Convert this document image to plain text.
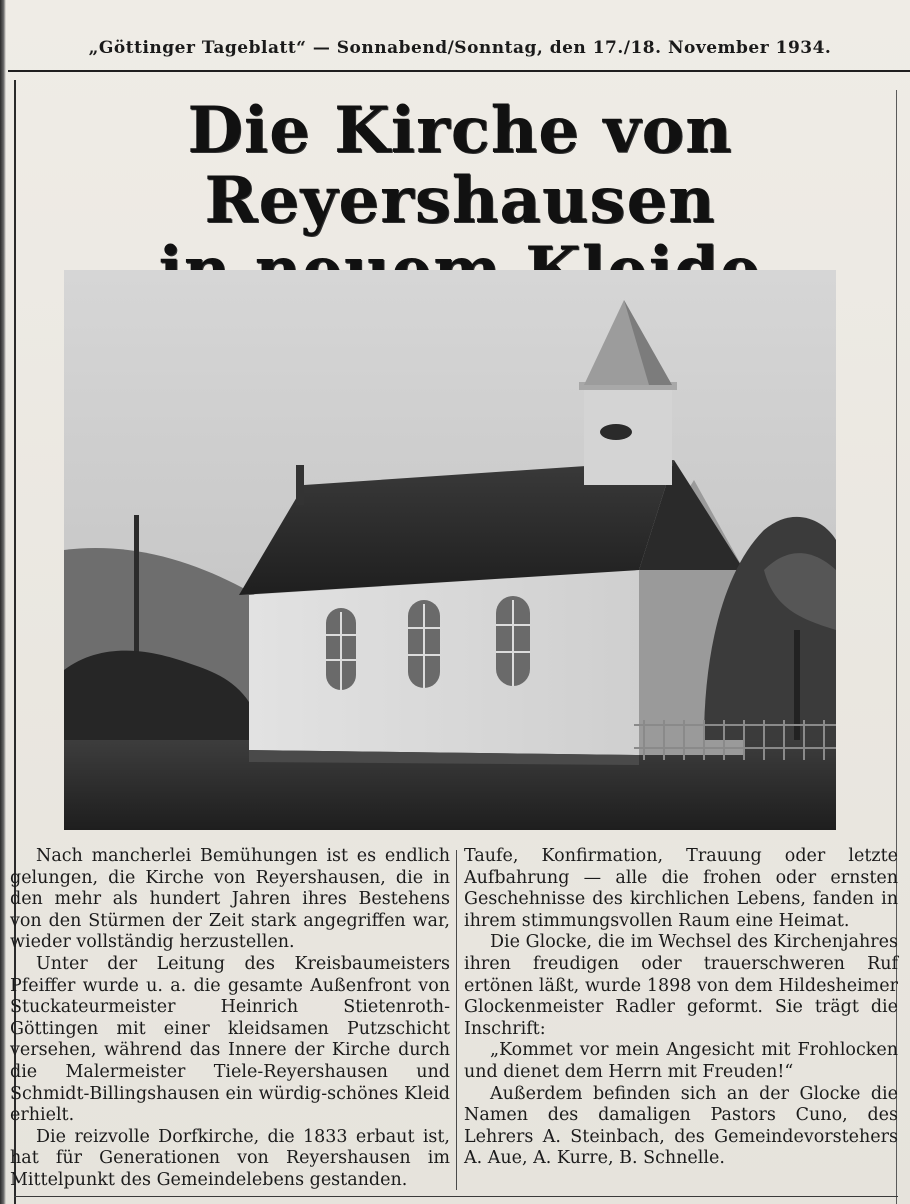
„Göttinger Tageblatt“ — Sonnabend/Sonntag, den 17./18. November 1934.
Die Kirche von Reyershausen

Nach mancherlei Bemühungen ist es endlich gelungen, die Kirche von Reyershausen, die in den mehr als hundert Jahren ihres Bestehens von den Stürmen der Zeit stark angegriffen war, wieder vollständig herzustellen.

Unter der Leitung des Kreisbaumeisters Pfeiffer wurde u. a. die gesamte Außenfront von Stuckateurmeister Heinrich Stietenroth-Göttingen mit einer kleidsamen Putzschicht versehen, während das Innere der Kirche durch die Malermeister Tiele-Reyershausen und Schmidt-Billingshausen ein würdig-schönes Kleid erhielt.

Die reizvolle Dorfkirche, die 1833 erbaut ist, hat für Generationen von Reyershausen im Mittelpunkt des Gemeindelebens gestanden.

Taufe, Konfirmation, Trauung oder letzte Aufbahrung — alle die frohen oder ernsten Geschehnisse des kirchlichen Lebens, fanden in ihrem stimmungsvollen Raum eine Heimat.

Die Glocke, die im Wechsel des Kirchenjahres ihren freudigen oder trauerschweren Ruf ertönen läßt, wurde 1898 von dem Hildesheimer Glockenmeister Radler geformt. Sie trägt die Inschrift:

„Kommet vor mein Angesicht mit Frohlocken und dienet dem Herrn mit Freuden!“

Außerdem befinden sich an der Glocke die Namen des damaligen Pastors Cuno, des Lehrers A. Steinbach, des Gemeindevorstehers A. Aue, A. Kurre, B. Schnelle.
